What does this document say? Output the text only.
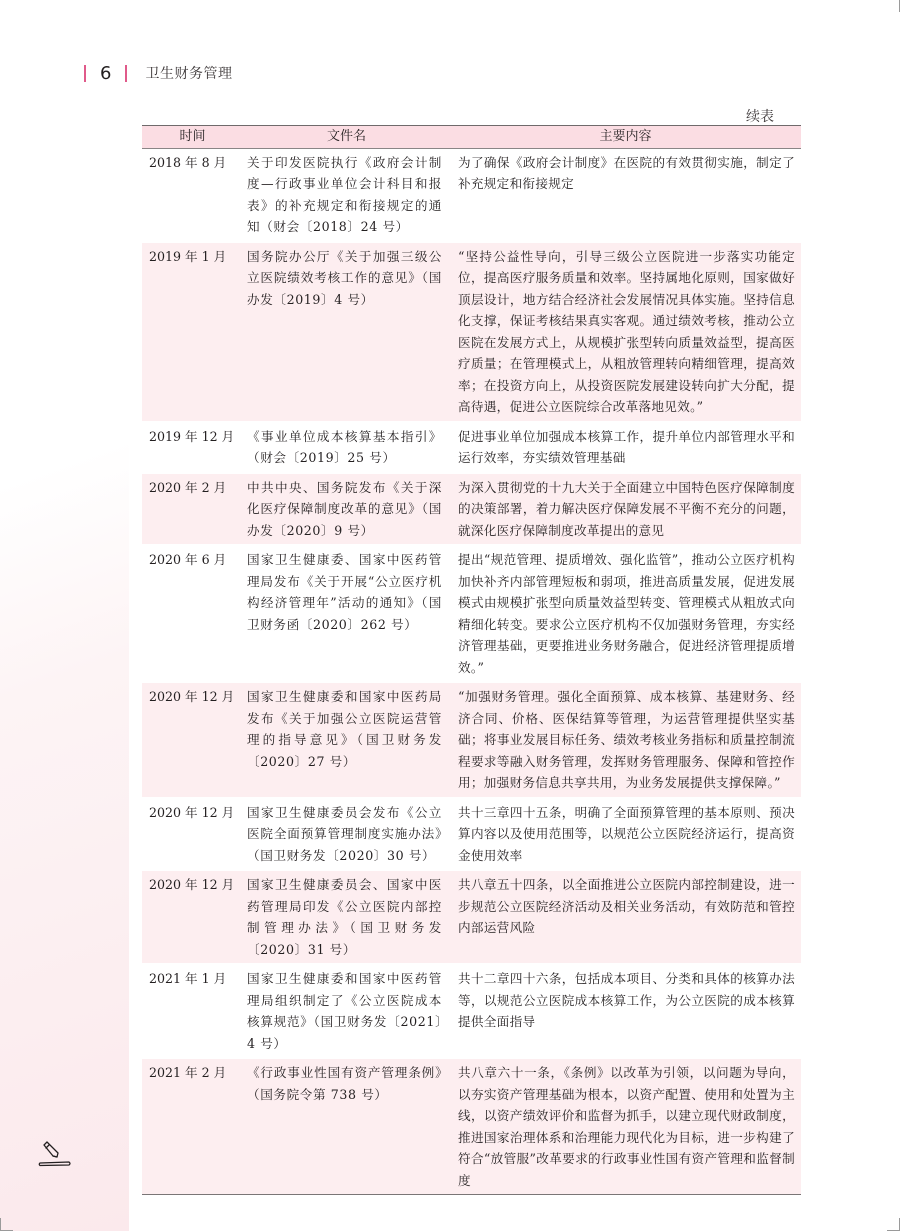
6 卫生财务管理
续表
时间	文件名	主要内容
2018 年 8 月	关于印发医院执行《政府会计制度—行政事业单位会计科目和报表》的补充规定和衔接规定的通知（财会〔2018〕24 号）	为了确保《政府会计制度》在医院的有效贯彻实施，制定了补充规定和衔接规定
2019 年 1 月	国务院办公厅《关于加强三级公立医院绩效考核工作的意见》（国办发〔2019〕4 号）	“坚持公益性导向，引导三级公立医院进一步落实功能定位，提高医疗服务质量和效率。坚持属地化原则，国家做好顶层设计，地方结合经济社会发展情况具体实施。坚持信息化支撑，保证考核结果真实客观。通过绩效考核，推动公立医院在发展方式上，从规模扩张型转向质量效益型，提高医疗质量；在管理模式上，从粗放管理转向精细管理，提高效率；在投资方向上，从投资医院发展建设转向扩大分配，提高待遇，促进公立医院综合改革落地见效。”
2019 年 12 月	《事业单位成本核算基本指引》（财会〔2019〕25 号）	促进事业单位加强成本核算工作，提升单位内部管理水平和运行效率，夯实绩效管理基础
2020 年 2 月	中共中央、国务院发布《关于深化医疗保障制度改革的意见》（国办发〔2020〕9 号）	为深入贯彻党的十九大关于全面建立中国特色医疗保障制度的决策部署，着力解决医疗保障发展不平衡不充分的问题，就深化医疗保障制度改革提出的意见
2020 年 6 月	国家卫生健康委、国家中医药管理局发布《关于开展“公立医疗机构经济管理年”活动的通知》（国卫财务函〔2020〕262 号）	提出“规范管理、提质增效、强化监管”，推动公立医疗机构加快补齐内部管理短板和弱项，推进高质量发展，促进发展模式由规模扩张型向质量效益型转变、管理模式从粗放式向精细化转变。要求公立医疗机构不仅加强财务管理，夯实经济管理基础，更要推进业务财务融合，促进经济管理提质增效。”
2020 年 12 月	国家卫生健康委和国家中医药局发布《关于加强公立医院运营管理的指导意见》（国卫财务发〔2020〕27 号）	“加强财务管理。强化全面预算、成本核算、基建财务、经济合同、价格、医保结算等管理，为运营管理提供坚实基础；将事业发展目标任务、绩效考核业务指标和质量控制流程要求等融入财务管理，发挥财务管理服务、保障和管控作用；加强财务信息共享共用，为业务发展提供支撑保障。”
2020 年 12 月	国家卫生健康委员会发布《公立医院全面预算管理制度实施办法》（国卫财务发〔2020〕30 号）	共十三章四十五条，明确了全面预算管理的基本原则、预决算内容以及使用范围等，以规范公立医院经济运行，提高资金使用效率
2020 年 12 月	国家卫生健康委员会、国家中医药管理局印发《公立医院内部控制管理办法》（国卫财务发〔2020〕31 号）	共八章五十四条，以全面推进公立医院内部控制建设，进一步规范公立医院经济活动及相关业务活动，有效防范和管控内部运营风险
2021 年 1 月	国家卫生健康委和国家中医药管理局组织制定了《公立医院成本核算规范》（国卫财务发〔2021〕4 号）	共十二章四十六条，包括成本项目、分类和具体的核算办法等，以规范公立医院成本核算工作，为公立医院的成本核算提供全面指导
2021 年 2 月	《行政事业性国有资产管理条例》（国务院令第 738 号）	共八章六十一条，《条例》以改革为引领，以问题为导向，以夯实资产管理基础为根本，以资产配置、使用和处置为主线，以资产绩效评价和监督为抓手，以建立现代财政制度，推进国家治理体系和治理能力现代化为目标，进一步构建了符合“放管服”改革要求的行政事业性国有资产管理和监督制度
